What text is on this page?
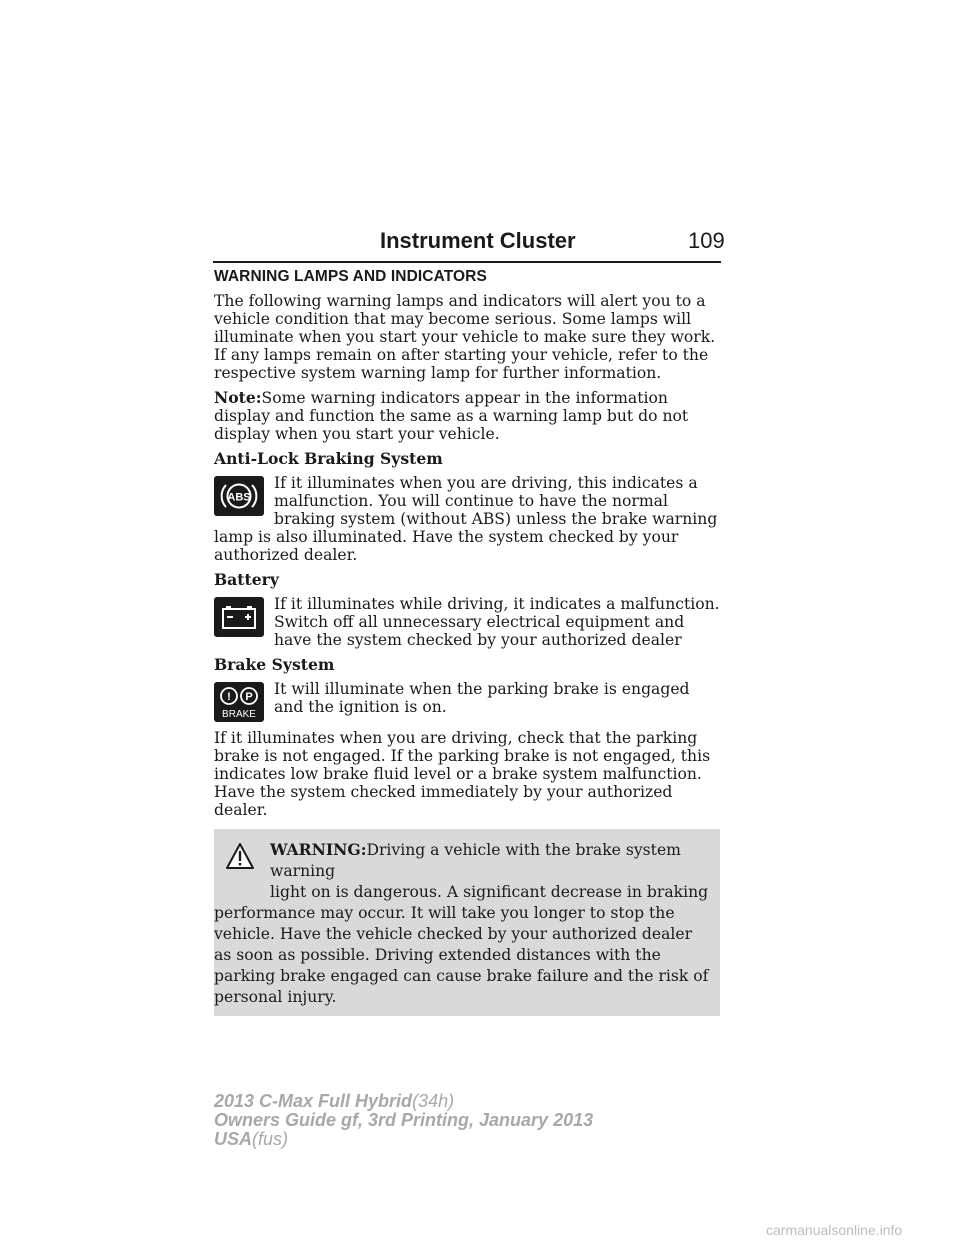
Instrument Cluster	109
WARNING LAMPS AND INDICATORS

The following warning lamps and indicators will alert you to a vehicle condition that may become serious. Some lamps will illuminate when you start your vehicle to make sure they work. If any lamps remain on after starting your vehicle, refer to the respective system warning lamp for further information.

Note:Some warning indicators appear in the information display and function the same as a warning lamp but do not display when you start your vehicle.

Anti-Lock Braking System
ABS
If it illuminates when you are driving, this indicates a malfunction. You will continue to have the normal braking system (without ABS) unless the brake warning lamp is also illuminated. Have the system checked by your authorized dealer.
Battery
If it illuminates while driving, it indicates a malfunction. Switch off all unnecessary electrical equipment and have the system checked by your authorized dealer
Brake System
! P
BRAKE
It will illuminate when the parking brake is engaged and the ignition is on.

If it illuminates when you are driving, check that the parking brake is not engaged. If the parking brake is not engaged, this indicates low brake fluid level or a brake system malfunction. Have the system checked immediately by your authorized dealer.

WARNING:Driving a vehicle with the brake system warning
light on is dangerous. A significant decrease in braking
performance may occur. It will take you longer to stop the vehicle. Have the vehicle checked by your authorized dealer as soon as possible. Driving extended distances with the parking brake engaged can cause brake failure and the risk of personal injury.
2013 C-Max Full Hybrid(34h)
Owners Guide gf, 3rd Printing, January 2013
USA(fus)
carmanualsonline.info
